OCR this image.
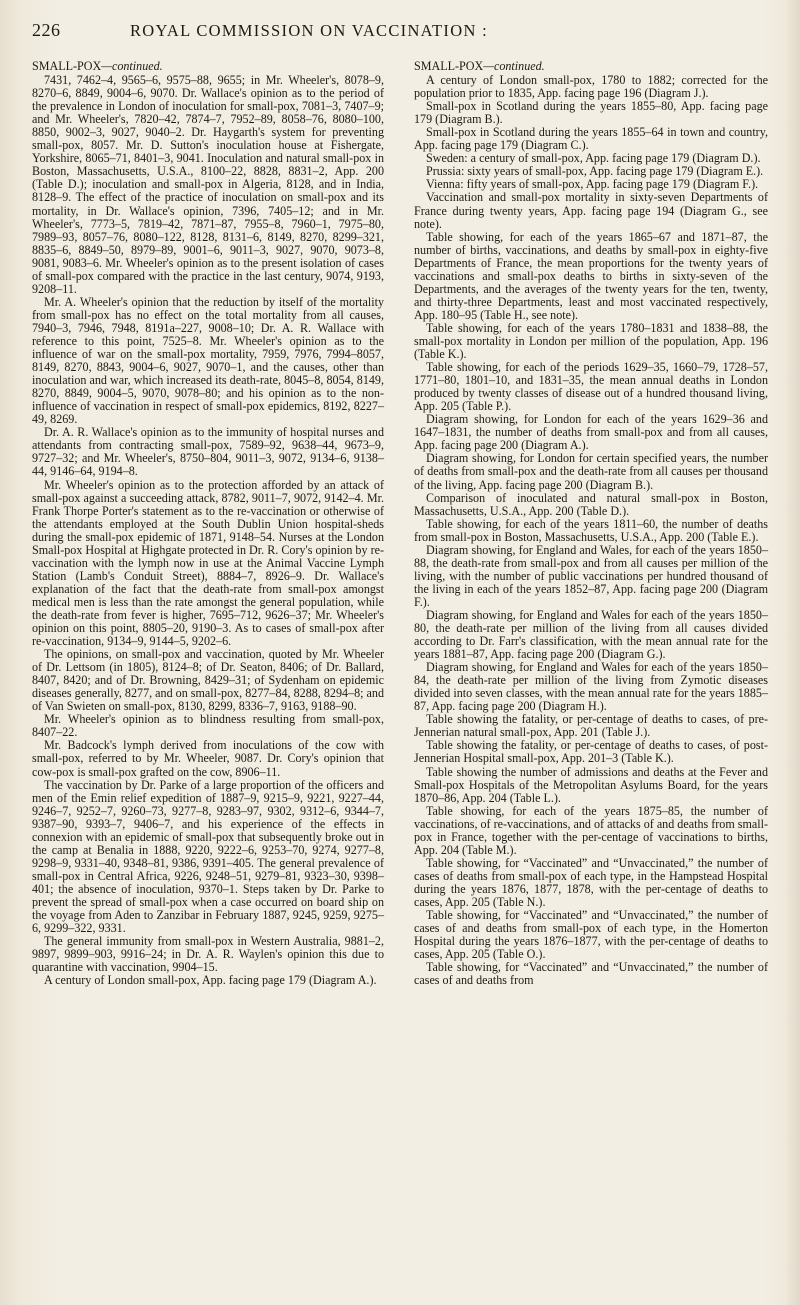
226	ROYAL COMMISSION ON VACCINATION :

SMALL-POX—continued.

7431, 7462–4, 9565–6, 9575–88, 9655; in Mr. Wheeler's, 8078–9, 8270–6, 8849, 9004–6, 9070. Dr. Wallace's opinion as to the period of the prevalence in London of inoculation for small-pox, 7081–3, 7407–9; and Mr. Wheeler's, 7820–42, 7874–7, 7952–89, 8058–76, 8080–100, 8850, 9002–3, 9027, 9040–2. Dr. Haygarth's system for preventing small-pox, 8057. Mr. D. Sutton's inoculation house at Fishergate, Yorkshire, 8065–71, 8401–3, 9041. Inoculation and natural small-pox in Boston, Massachusetts, U.S.A., 8100–22, 8828, 8831–2, App. 200 (Table D.); inoculation and small-pox in Algeria, 8128, and in India, 8128–9. The effect of the practice of inoculation on small-pox and its mortality, in Dr. Wallace's opinion, 7396, 7405–12; and in Mr. Wheeler's, 7773–5, 7819–42, 7871–87, 7955–8, 7960–1, 7975–80, 7989–93, 8057–76, 8080–122, 8128, 8131–6, 8149, 8270, 8299–321, 8835–6, 8849–50, 8979–89, 9001–6, 9011–3, 9027, 9070, 9073–8, 9081, 9083–6. Mr. Wheeler's opinion as to the present isolation of cases of small-pox compared with the practice in the last century, 9074, 9193, 9208–11.

Mr. A. Wheeler's opinion that the reduction by itself of the mortality from small-pox has no effect on the total mortality from all causes, 7940–3, 7946, 7948, 8191a–227, 9008–10; Dr. A. R. Wallace with reference to this point, 7525–8. Mr. Wheeler's opinion as to the influence of war on the small-pox mortality, 7959, 7976, 7994–8057, 8149, 8270, 8843, 9004–6, 9027, 9070–1, and the causes, other than inoculation and war, which increased its death-rate, 8045–8, 8054, 8149, 8270, 8849, 9004–5, 9070, 9078–80; and his opinion as to the non-influence of vaccination in respect of small-pox epidemics, 8192, 8227–49, 8269.

Dr. A. R. Wallace's opinion as to the immunity of hospital nurses and attendants from contracting small-pox, 7589–92, 9638–44, 9673–9, 9727–32; and Mr. Wheeler's, 8750–804, 9011–3, 9072, 9134–6, 9138–44, 9146–64, 9194–8.

Mr. Wheeler's opinion as to the protection afforded by an attack of small-pox against a succeeding attack, 8782, 9011–7, 9072, 9142–4. Mr. Frank Thorpe Porter's statement as to the re-vaccination or otherwise of the attendants employed at the South Dublin Union hospital-sheds during the small-pox epidemic of 1871, 9148–54. Nurses at the London Small-pox Hospital at Highgate protected in Dr. R. Cory's opinion by re-vaccination with the lymph now in use at the Animal Vaccine Lymph Station (Lamb's Conduit Street), 8884–7, 8926–9. Dr. Wallace's explanation of the fact that the death-rate from small-pox amongst medical men is less than the rate amongst the general population, while the death-rate from fever is higher, 7695–712, 9626–37; Mr. Wheeler's opinion on this point, 8805–20, 9190–3. As to cases of small-pox after re-vaccination, 9134–9, 9144–5, 9202–6.

The opinions, on small-pox and vaccination, quoted by Mr. Wheeler of Dr. Lettsom (in 1805), 8124–8; of Dr. Seaton, 8406; of Dr. Ballard, 8407, 8420; and of Dr. Browning, 8429–31; of Sydenham on epidemic diseases generally, 8277, and on small-pox, 8277–84, 8288, 8294–8; and of Van Swieten on small-pox, 8130, 8299, 8336–7, 9163, 9188–90.

Mr. Wheeler's opinion as to blindness resulting from small-pox, 8407–22.

Mr. Badcock's lymph derived from inoculations of the cow with small-pox, referred to by Mr. Wheeler, 9087. Dr. Cory's opinion that cow-pox is small-pox grafted on the cow, 8906–11.

The vaccination by Dr. Parke of a large proportion of the officers and men of the Emin relief expedition of 1887–9, 9215–9, 9221, 9227–44, 9246–7, 9252–7, 9260–73, 9277–8, 9283–97, 9302, 9312–6, 9344–7, 9387–90, 9393–7, 9406–7, and his experience of the effects in connexion with an epidemic of small-pox that subsequently broke out in the camp at Benalia in 1888, 9220, 9222–6, 9253–70, 9274, 9277–8, 9298–9, 9331–40, 9348–81, 9386, 9391–405. The general prevalence of small-pox in Central Africa, 9226, 9248–51, 9279–81, 9323–30, 9398–401; the absence of inoculation, 9370–1. Steps taken by Dr. Parke to prevent the spread of small-pox when a case occurred on board ship on the voyage from Aden to Zanzibar in February 1887, 9245, 9259, 9275–6, 9299–322, 9331.

The general immunity from small-pox in Western Australia, 9881–2, 9897, 9899–903, 9916–24; in Dr. A. R. Waylen's opinion this due to quarantine with vaccination, 9904–15.

A century of London small-pox, App. facing page 179 (Diagram A.).

SMALL-POX—continued.

A century of London small-pox, 1780 to 1882; corrected for the population prior to 1835, App. facing page 196 (Diagram J.).

Small-pox in Scotland during the years 1855–80, App. facing page 179 (Diagram B.).

Small-pox in Scotland during the years 1855–64 in town and country, App. facing page 179 (Diagram C.).

Sweden: a century of small-pox, App. facing page 179 (Diagram D.).

Prussia: sixty years of small-pox, App. facing page 179 (Diagram E.).

Vienna: fifty years of small-pox, App. facing page 179 (Diagram F.).

Vaccination and small-pox mortality in sixty-seven Departments of France during twenty years, App. facing page 194 (Diagram G., see note).

Table showing, for each of the years 1865–67 and 1871–87, the number of births, vaccinations, and deaths by small-pox in eighty-five Departments of France, the mean proportions for the twenty years of vaccinations and small-pox deaths to births in sixty-seven of the Departments, and the averages of the twenty years for the ten, twenty, and thirty-three Departments, least and most vaccinated respectively, App. 180–95 (Table H., see note).

Table showing, for each of the years 1780–1831 and 1838–88, the small-pox mortality in London per million of the population, App. 196 (Table K.).

Table showing, for each of the periods 1629–35, 1660–79, 1728–57, 1771–80, 1801–10, and 1831–35, the mean annual deaths in London produced by twenty classes of disease out of a hundred thousand living, App. 205 (Table P.).

Diagram showing, for London for each of the years 1629–36 and 1647–1831, the number of deaths from small-pox and from all causes, App. facing page 200 (Diagram A.).

Diagram showing, for London for certain specified years, the number of deaths from small-pox and the death-rate from all causes per thousand of the living, App. facing page 200 (Diagram B.).

Comparison of inoculated and natural small-pox in Boston, Massachusetts, U.S.A., App. 200 (Table D.).

Table showing, for each of the years 1811–60, the number of deaths from small-pox in Boston, Massachusetts, U.S.A., App. 200 (Table E.).

Diagram showing, for England and Wales, for each of the years 1850–88, the death-rate from small-pox and from all causes per million of the living, with the number of public vaccinations per hundred thousand of the living in each of the years 1852–87, App. facing page 200 (Diagram F.).

Diagram showing, for England and Wales for each of the years 1850–80, the death-rate per million of the living from all causes divided according to Dr. Farr's classification, with the mean annual rate for the years 1881–87, App. facing page 200 (Diagram G.).

Diagram showing, for England and Wales for each of the years 1850–84, the death-rate per million of the living from Zymotic diseases divided into seven classes, with the mean annual rate for the years 1885–87, App. facing page 200 (Diagram H.).

Table showing the fatality, or per-centage of deaths to cases, of pre-Jennerian natural small-pox, App. 201 (Table J.).

Table showing the fatality, or per-centage of deaths to cases, of post-Jennerian Hospital small-pox, App. 201–3 (Table K.).

Table showing the number of admissions and deaths at the Fever and Small-pox Hospitals of the Metropolitan Asylums Board, for the years 1870–86, App. 204 (Table L.).

Table showing, for each of the years 1875–85, the number of vaccinations, of re-vaccinations, and of attacks of and deaths from small-pox in France, together with the per-centage of vaccinations to births, App. 204 (Table M.).

Table showing, for “Vaccinated” and “Unvaccinated,” the number of cases of deaths from small-pox of each type, in the Hampstead Hospital during the years 1876, 1877, 1878, with the per-centage of deaths to cases, App. 205 (Table N.).

Table showing, for “Vaccinated” and “Unvaccinated,” the number of cases of and deaths from small-pox of each type, in the Homerton Hospital during the years 1876–1877, with the per-centage of deaths to cases, App. 205 (Table O.).

Table showing, for “Vaccinated” and “Unvaccinated,” the number of cases of and deaths from
